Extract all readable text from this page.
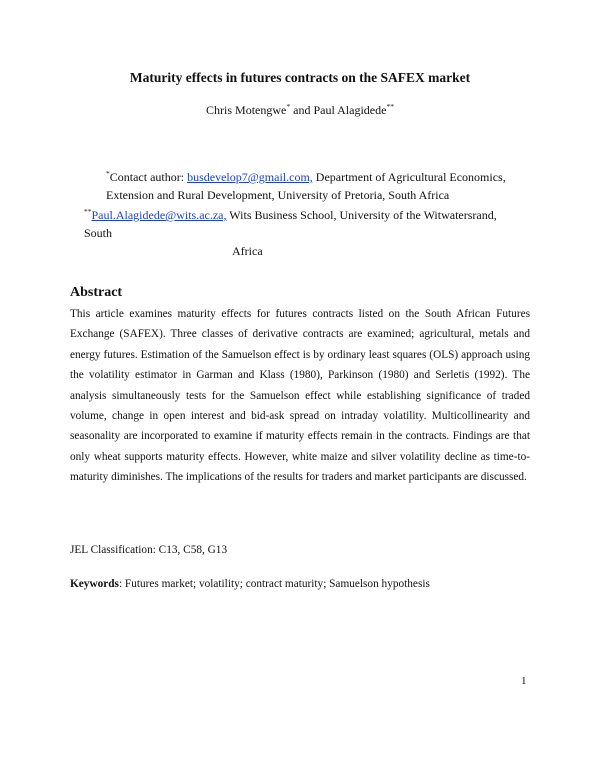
Maturity effects in futures contracts on the SAFEX market
Chris Motengwe* and Paul Alagidede**
*Contact author: busdevelop7@gmail.com, Department of Agricultural Economics,
Extension and Rural Development, University of Pretoria, South Africa
**Paul.Alagidede@wits.ac.za, Wits Business School, University of the Witwatersrand, South
Africa
Abstract
This article examines maturity effects for futures contracts listed on the South African Futures Exchange (SAFEX). Three classes of derivative contracts are examined; agricultural, metals and energy futures. Estimation of the Samuelson effect is by ordinary least squares (OLS) approach using the volatility estimator in Garman and Klass (1980), Parkinson (1980) and Serletis (1992). The analysis simultaneously tests for the Samuelson effect while establishing significance of traded volume, change in open interest and bid-ask spread on intraday volatility. Multicollinearity and seasonality are incorporated to examine if maturity effects remain in the contracts. Findings are that only wheat supports maturity effects. However, white maize and silver volatility decline as time-to-maturity diminishes. The implications of the results for traders and market participants are discussed.
JEL Classification: C13, C58, G13
Keywords: Futures market; volatility; contract maturity; Samuelson hypothesis
1
